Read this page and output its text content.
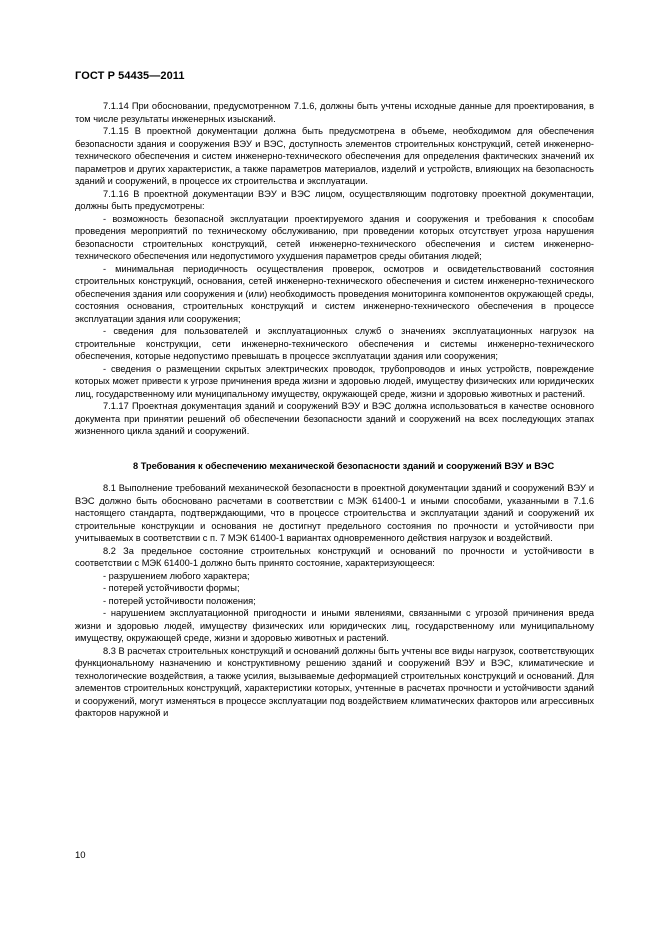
ГОСТ Р 54435—2011

7.1.14 При обосновании, предусмотренном 7.1.6, должны быть учтены исходные данные для проектирования, в том числе результаты инженерных изысканий.

7.1.15 В проектной документации должна быть предусмотрена в объеме, необходимом для обеспечения безопасности здания и сооружения ВЭУ и ВЭС, доступность элементов строительных конструкций, сетей инженерно-технического обеспечения и систем инженерно-технического обеспечения для определения фактических значений их параметров и других характеристик, а также параметров материалов, изделий и устройств, влияющих на безопасность зданий и сооружений, в процессе их строительства и эксплуатации.

7.1.16 В проектной документации ВЭУ и ВЭС лицом, осуществляющим подготовку проектной документации, должны быть предусмотрены:

- возможность безопасной эксплуатации проектируемого здания и сооружения и требования к способам проведения мероприятий по техническому обслуживанию, при проведении которых отсутствует угроза нарушения безопасности строительных конструкций, сетей инженерно-технического обеспечения и систем инженерно-технического обеспечения или недопустимого ухудшения параметров среды обитания людей;

- минимальная периодичность осуществления проверок, осмотров и освидетельствований состояния строительных конструкций, основания, сетей инженерно-технического обеспечения и систем инженерно-технического обеспечения здания или сооружения и (или) необходимость проведения мониторинга компонентов окружающей среды, состояния основания, строительных конструкций и систем инженерно-технического обеспечения в процессе эксплуатации здания или сооружения;

- сведения для пользователей и эксплуатационных служб о значениях эксплуатационных нагрузок на строительные конструкции, сети инженерно-технического обеспечения и системы инженерно-технического обеспечения, которые недопустимо превышать в процессе эксплуатации здания или сооружения;

- сведения о размещении скрытых электрических проводок, трубопроводов и иных устройств, повреждение которых может привести к угрозе причинения вреда жизни и здоровью людей, имуществу физических или юридических лиц, государственному или муниципальному имуществу, окружающей среде, жизни и здоровью животных и растений.

7.1.17 Проектная документация зданий и сооружений ВЭУ и ВЭС должна использоваться в качестве основного документа при принятии решений об обеспечении безопасности зданий и сооружений на всех последующих этапах жизненного цикла зданий и сооружений.

8 Требования к обеспечению механической безопасности зданий и сооружений ВЭУ и ВЭС

8.1 Выполнение требований механической безопасности в проектной документации зданий и сооружений ВЭУ и ВЭС должно быть обосновано расчетами в соответствии с МЭК 61400-1 и иными способами, указанными в 7.1.6 настоящего стандарта, подтверждающими, что в процессе строительства и эксплуатации зданий и сооружений их строительные конструкции и основания не достигнут предельного состояния по прочности и устойчивости при учитываемых в соответствии с п. 7 МЭК 61400-1 вариантах одновременного действия нагрузок и воздействий.

8.2 За предельное состояние строительных конструкций и оснований по прочности и устойчивости в соответствии с МЭК 61400-1 должно быть принято состояние, характеризующееся:

- разрушением любого характера;

- потерей устойчивости формы;

- потерей устойчивости положения;

- нарушением эксплуатационной пригодности и иными явлениями, связанными с угрозой причинения вреда жизни и здоровью людей, имуществу физических или юридических лиц, государственному или муниципальному имуществу, окружающей среде, жизни и здоровью животных и растений.

8.3 В расчетах строительных конструкций и оснований должны быть учтены все виды нагрузок, соответствующих функциональному назначению и конструктивному решению зданий и сооружений ВЭУ и ВЭС, климатические и технологические воздействия, а также усилия, вызываемые деформацией строительных конструкций и оснований. Для элементов строительных конструкций, характеристики которых, учтенные в расчетах прочности и устойчивости зданий и сооружений, могут изменяться в процессе эксплуатации под воздействием климатических факторов или агрессивных факторов наружной и

10
